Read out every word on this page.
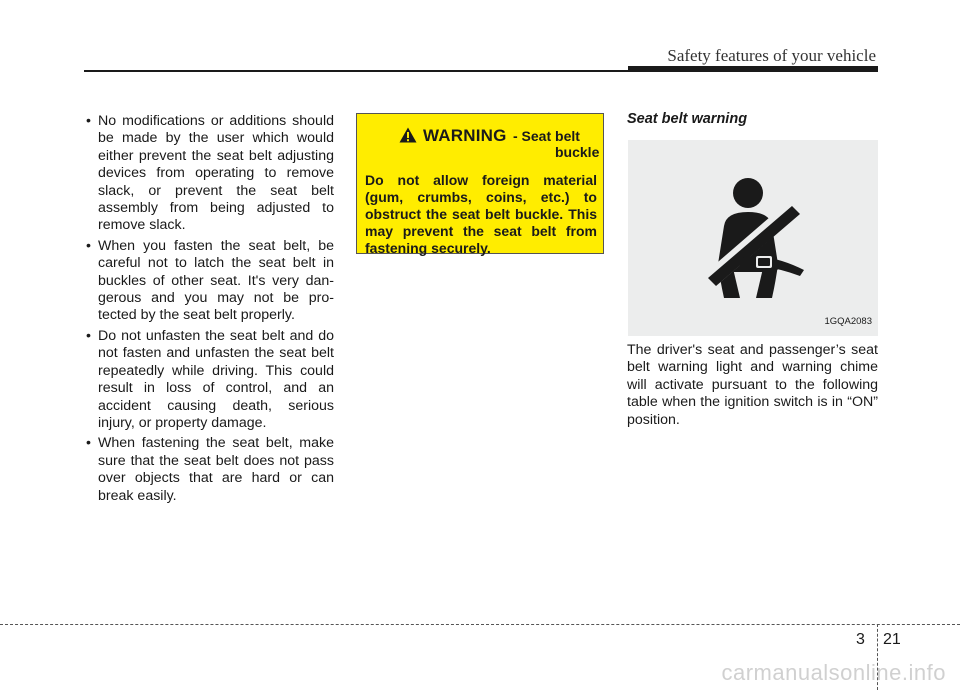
Safety features of your vehicle
• No modifications or additions should be made by the user which would either prevent the seat belt adjusting devices from operating to remove slack, or prevent the seat belt assembly from being adjusted to remove slack.
• When you fasten the seat belt, be careful not to latch the seat belt in buckles of other seat. It's very dan-gerous and you may not be pro-tected by the seat belt properly.
• Do not unfasten the seat belt and do not fasten and unfasten the seat belt repeatedly while driving. This could result in loss of control, and an accident causing death, serious injury, or property damage.
• When fastening the seat belt, make sure that the seat belt does not pass over objects that are hard or can break easily.
WARNING - Seat belt
buckle

Do not allow foreign material (gum, crumbs, coins, etc.) to obstruct the seat belt buckle. This may prevent the seat belt from fastening securely.

Seat belt warning
1GQA2083

The driver's seat and passenger’s seat belt warning light and warning chime will activate pursuant to the following table when the ignition switch is in “ON” position.

3 21
carmanualsonline.info
